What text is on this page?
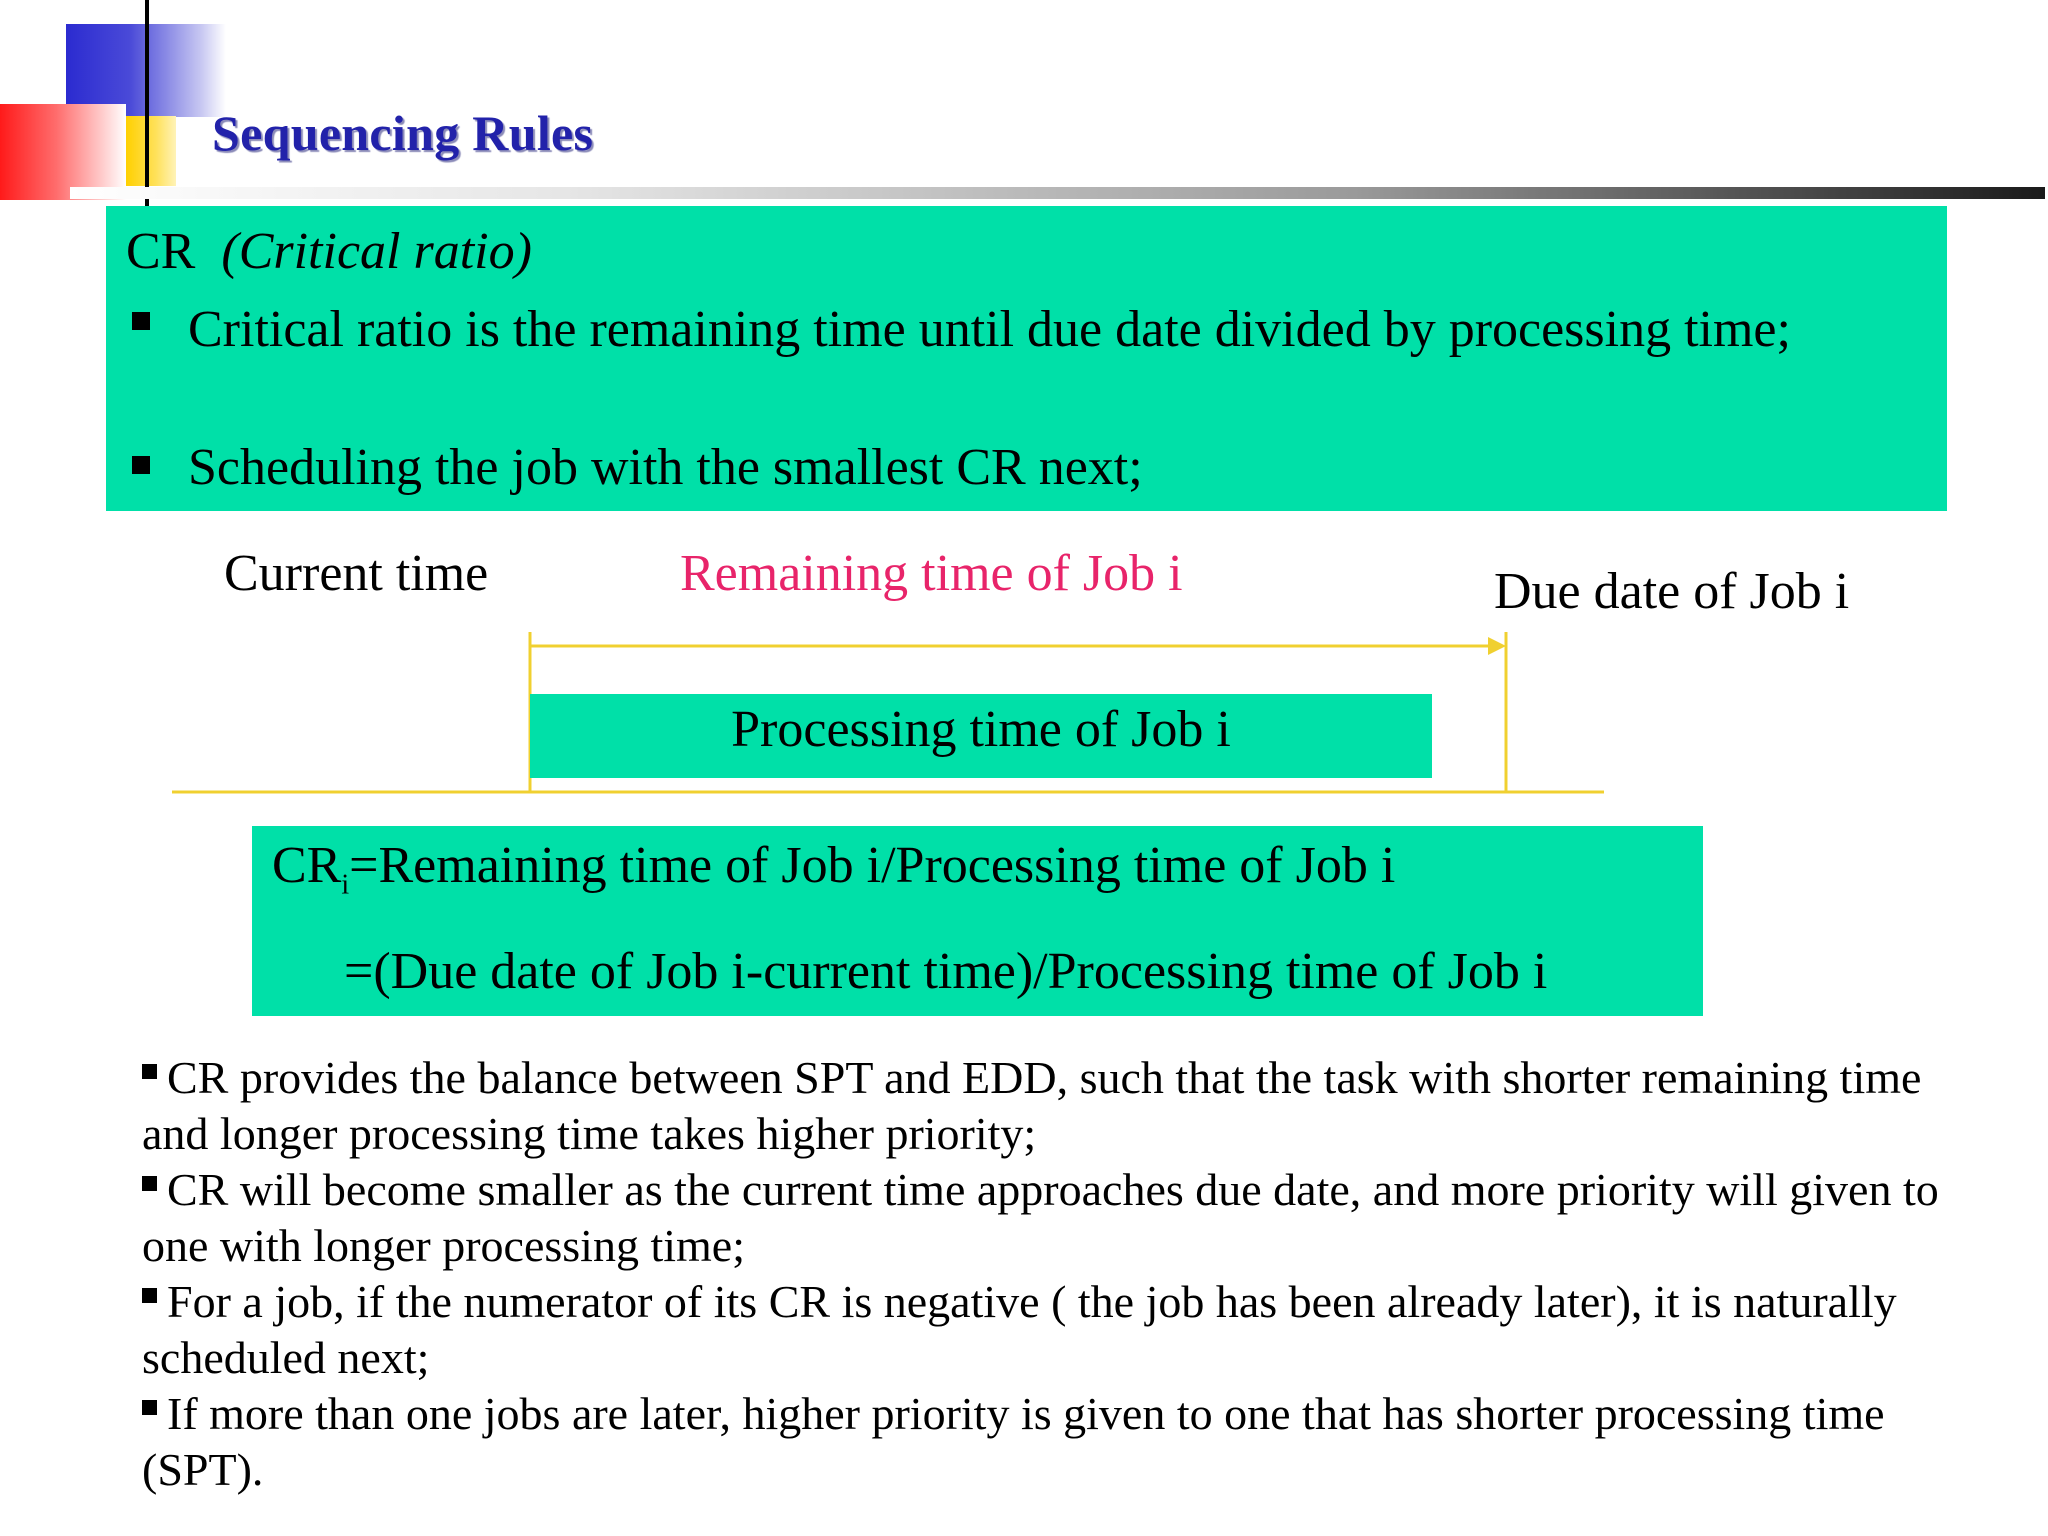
Sequencing Rules
CR (Critical ratio)
Critical ratio is the remaining time until due date divided by processing time;
Scheduling the job with the smallest CR next;
Current time	Remaining time of Job i	Due date of Job i
Processing time of Job i
$CR_i=Remaining$ time of Job i/Processing time of Job i
=(Due date of Job i-current time)/Processing time of Job i
CR provides the balance between SPT and EDD, such that the task with shorter remaining time and longer processing time takes higher priority;
CR will become smaller as the current time approaches due date, and more priority will given to one with longer processing time;
For a job, if the numerator of its CR is negative ( the job has been already later), it is naturally scheduled next;
If more than one jobs are later, higher priority is given to one that has shorter processing time (SPT).
